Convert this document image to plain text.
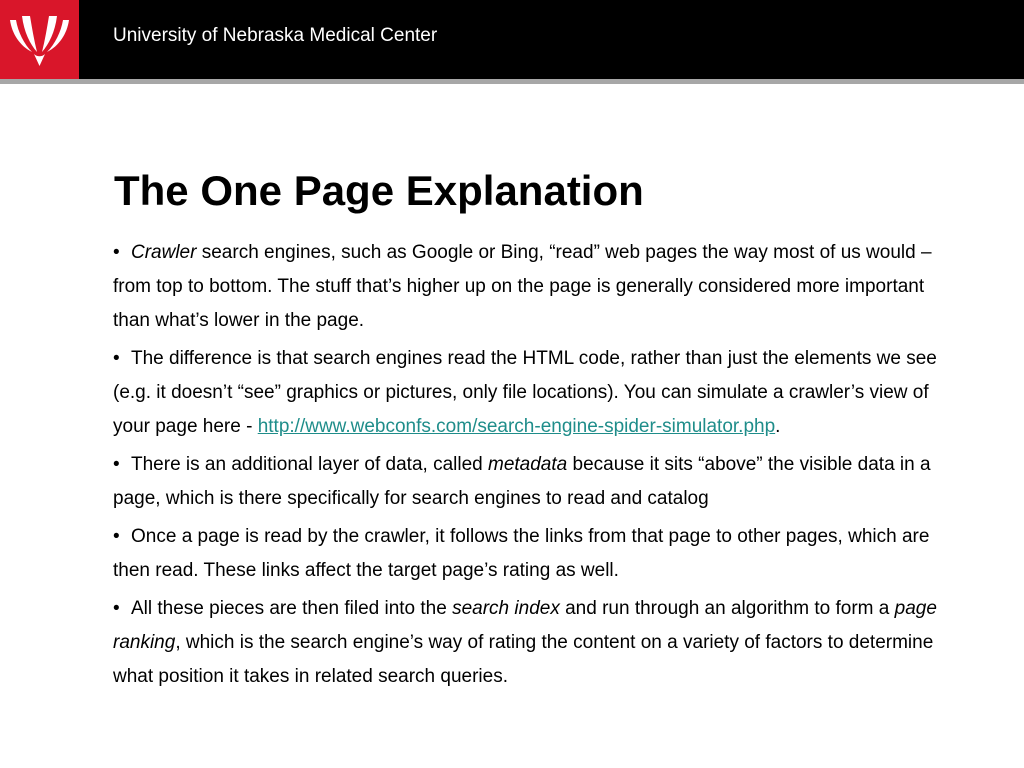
University of Nebraska Medical Center
The One Page Explanation
• Crawler search engines, such as Google or Bing, “read” web pages the way most of us would – from top to bottom. The stuff that’s higher up on the page is generally considered more important than what’s lower in the page.
• The difference is that search engines read the HTML code, rather than just the elements we see (e.g. it doesn’t “see” graphics or pictures, only file locations). You can simulate a crawler’s view of your page here - http://www.webconfs.com/search-engine-spider-simulator.php.
• There is an additional layer of data, called metadata because it sits “above” the visible data in a page, which is there specifically for search engines to read and catalog
• Once a page is read by the crawler, it follows the links from that page to other pages, which are then read. These links affect the target page’s rating as well.
• All these pieces are then filed into the search index and run through an algorithm to form a page ranking, which is the search engine’s way of rating the content on a variety of factors to determine what position it takes in related search queries.
